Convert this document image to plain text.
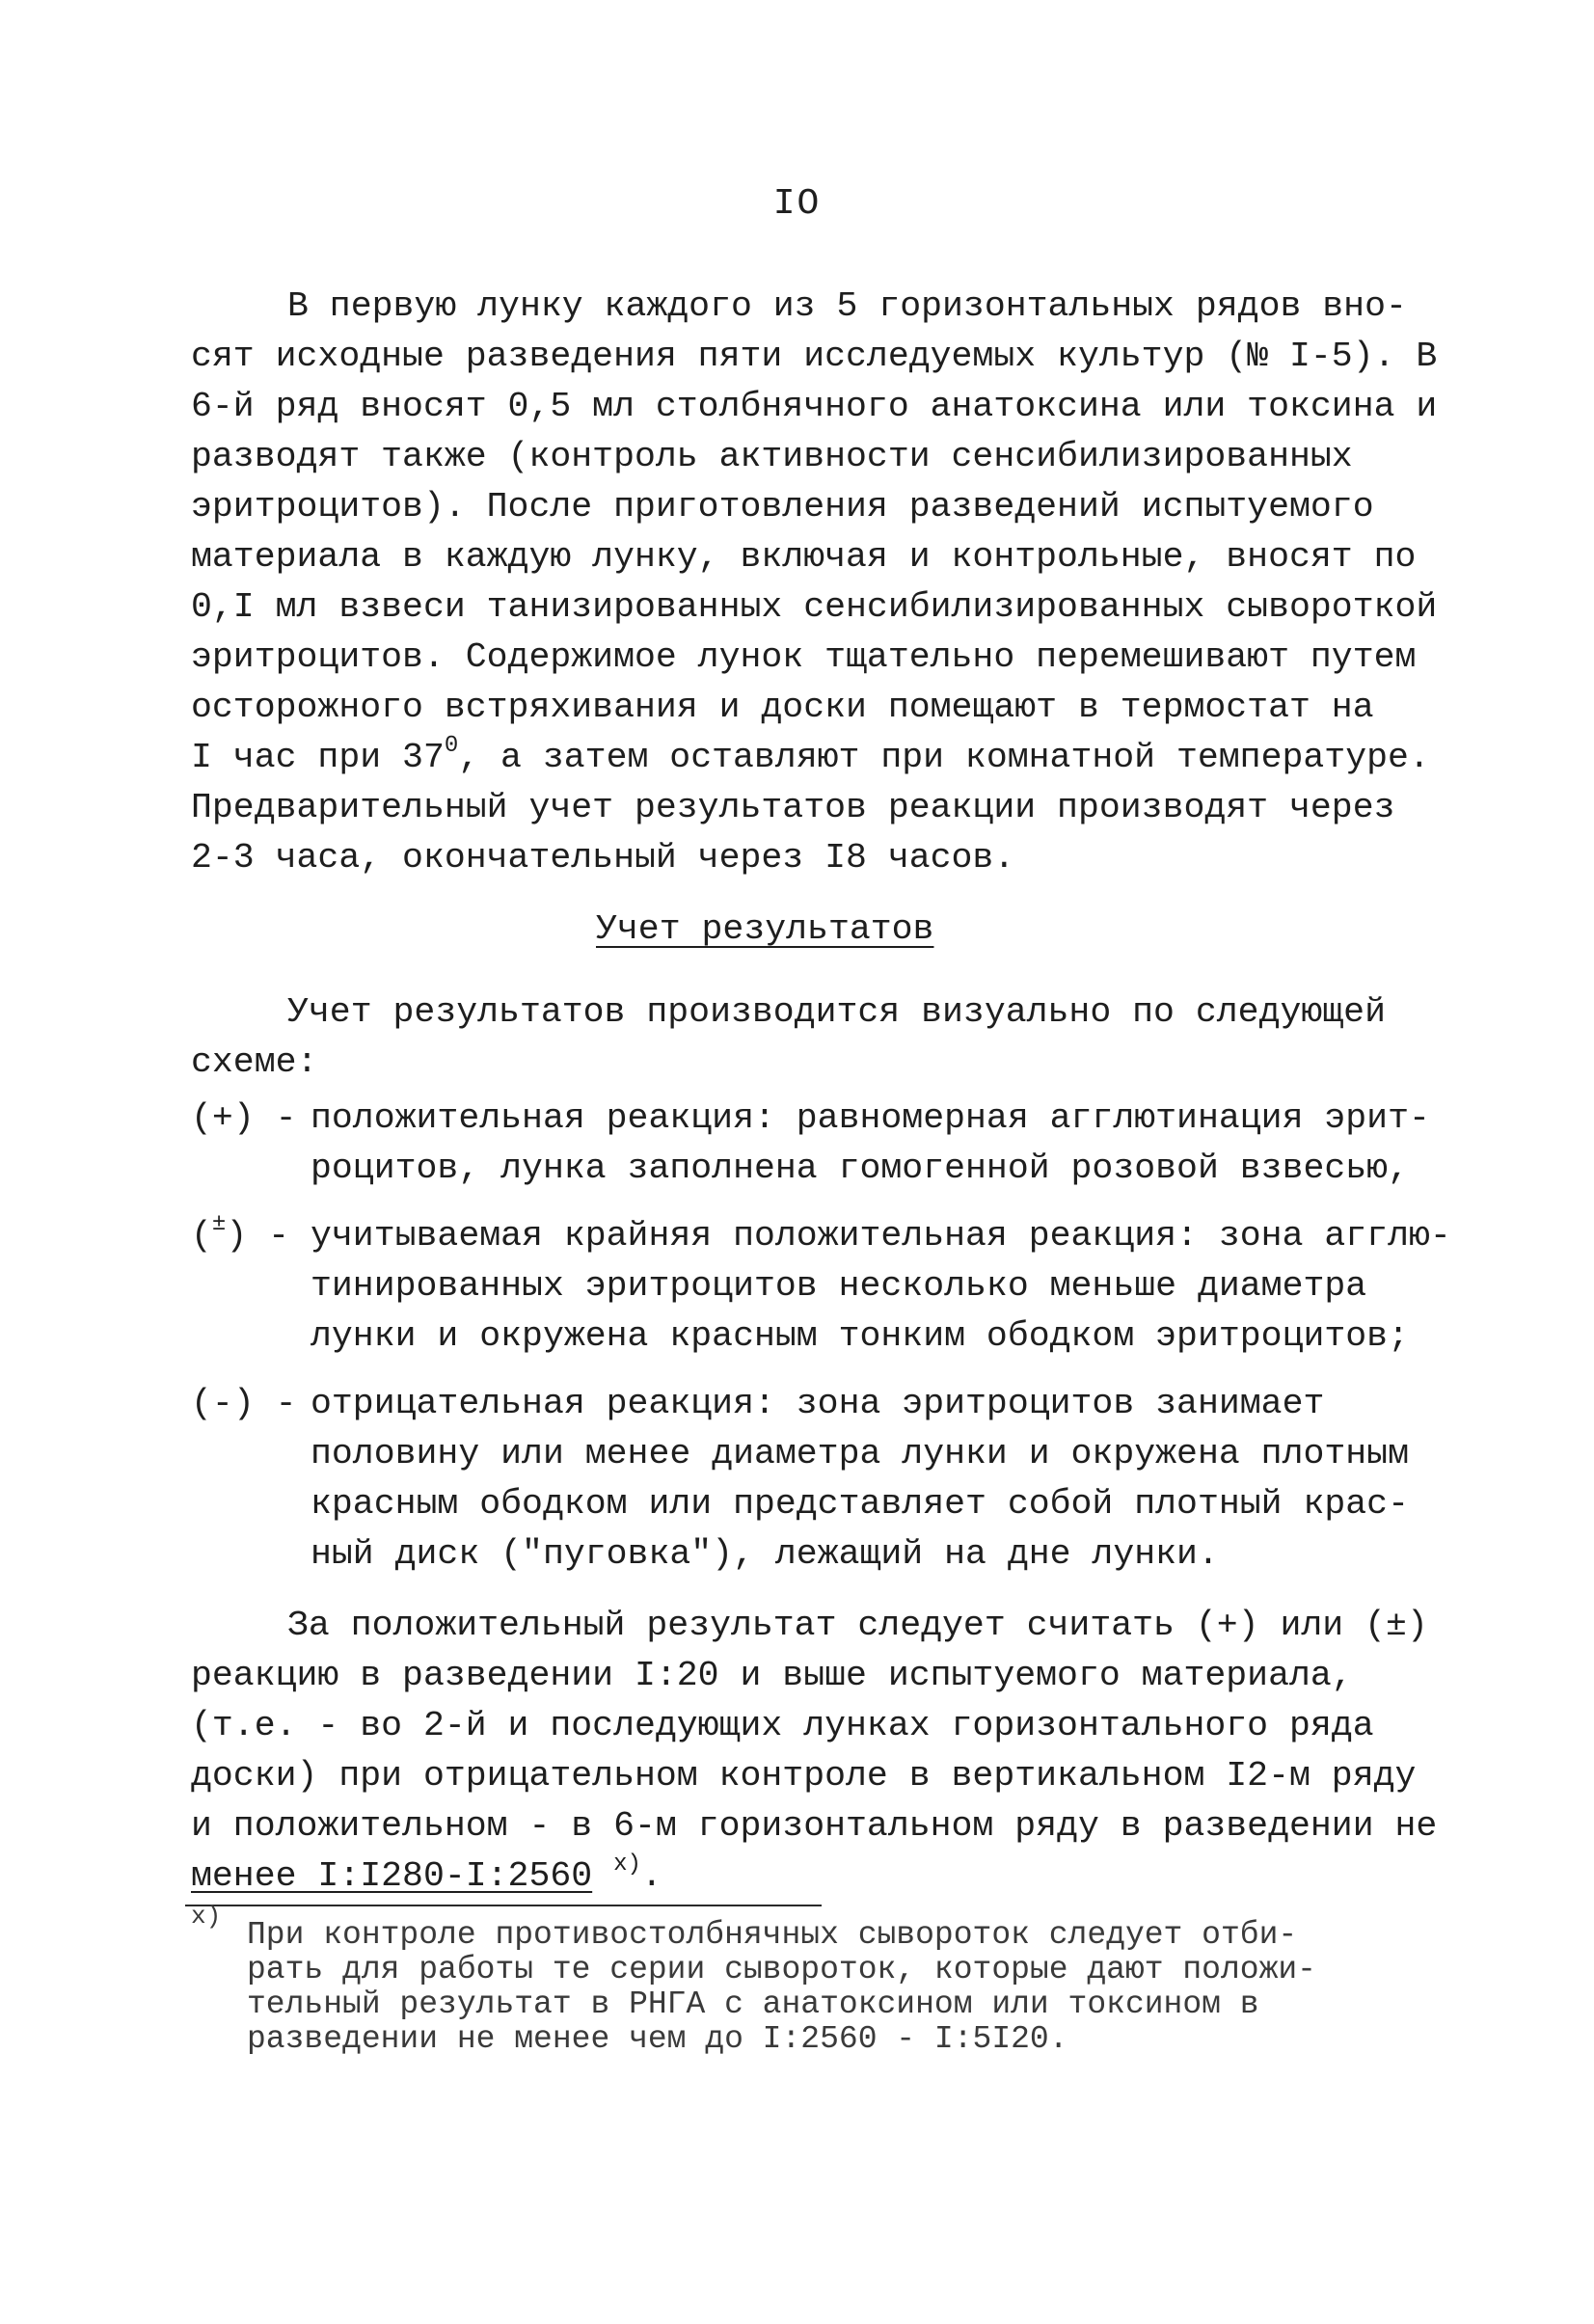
IO
В первую лунку каждого из 5 горизонтальных рядов вно-
сят исходные разведения пяти исследуемых культур (№ I-5). В
6-й ряд вносят 0,5 мл столбнячного анатоксина или токсина и
разводят также (контроль активности сенсибилизированных
эритроцитов). После приготовления разведений испытуемого
материала в каждую лунку, включая и контрольные, вносят по
0,I мл взвеси танизированных сенсибилизированных сывороткой
эритроцитов. Содержимое лунок тщательно перемешивают путем
осторожного встряхивания и доски помещают в термостат на
I час при $37^0$, а затем оставляют при комнатной температуре.
Предварительный учет результатов реакции производят через
2-3 часа, окончательный через I8 часов.
Учет результатов
Учет результатов производится визуально по следующей
схеме:
(+) - положительная реакция: равномерная агглютинация эрит-
роцитов, лунка заполнена гомогенной розовой взвесью,
(±) - учитываемая крайняя положительная реакция: зона агглю-
тинированных эритроцитов несколько меньше диаметра
лунки и окружена красным тонким ободком эритроцитов;
(-) - отрицательная реакция: зона эритроцитов занимает
половину или менее диаметра лунки и окружена плотным
красным ободком или представляет собой плотный крас-
ный диск ("пуговка"), лежащий на дне лунки.
За положительный результат следует считать (+) или (±)
реакцию в разведении I:20 и выше испытуемого материала,
(т.е. - во 2-й и последующих лунках горизонтального ряда
доски) при отрицательном контроле в вертикальном I2-м ряду
и положительном - в 6-м горизонтальном ряду в разведении не
менее I:I280-I:2560 $^{x)}$.
x)
При контроле противостолбнячных сывороток следует отби-
рать для работы те серии сывороток, которые дают положи-
тельный результат в РНГА с анатоксином или токсином в
разведении не менее чем до I:2560 - I:5I20.
